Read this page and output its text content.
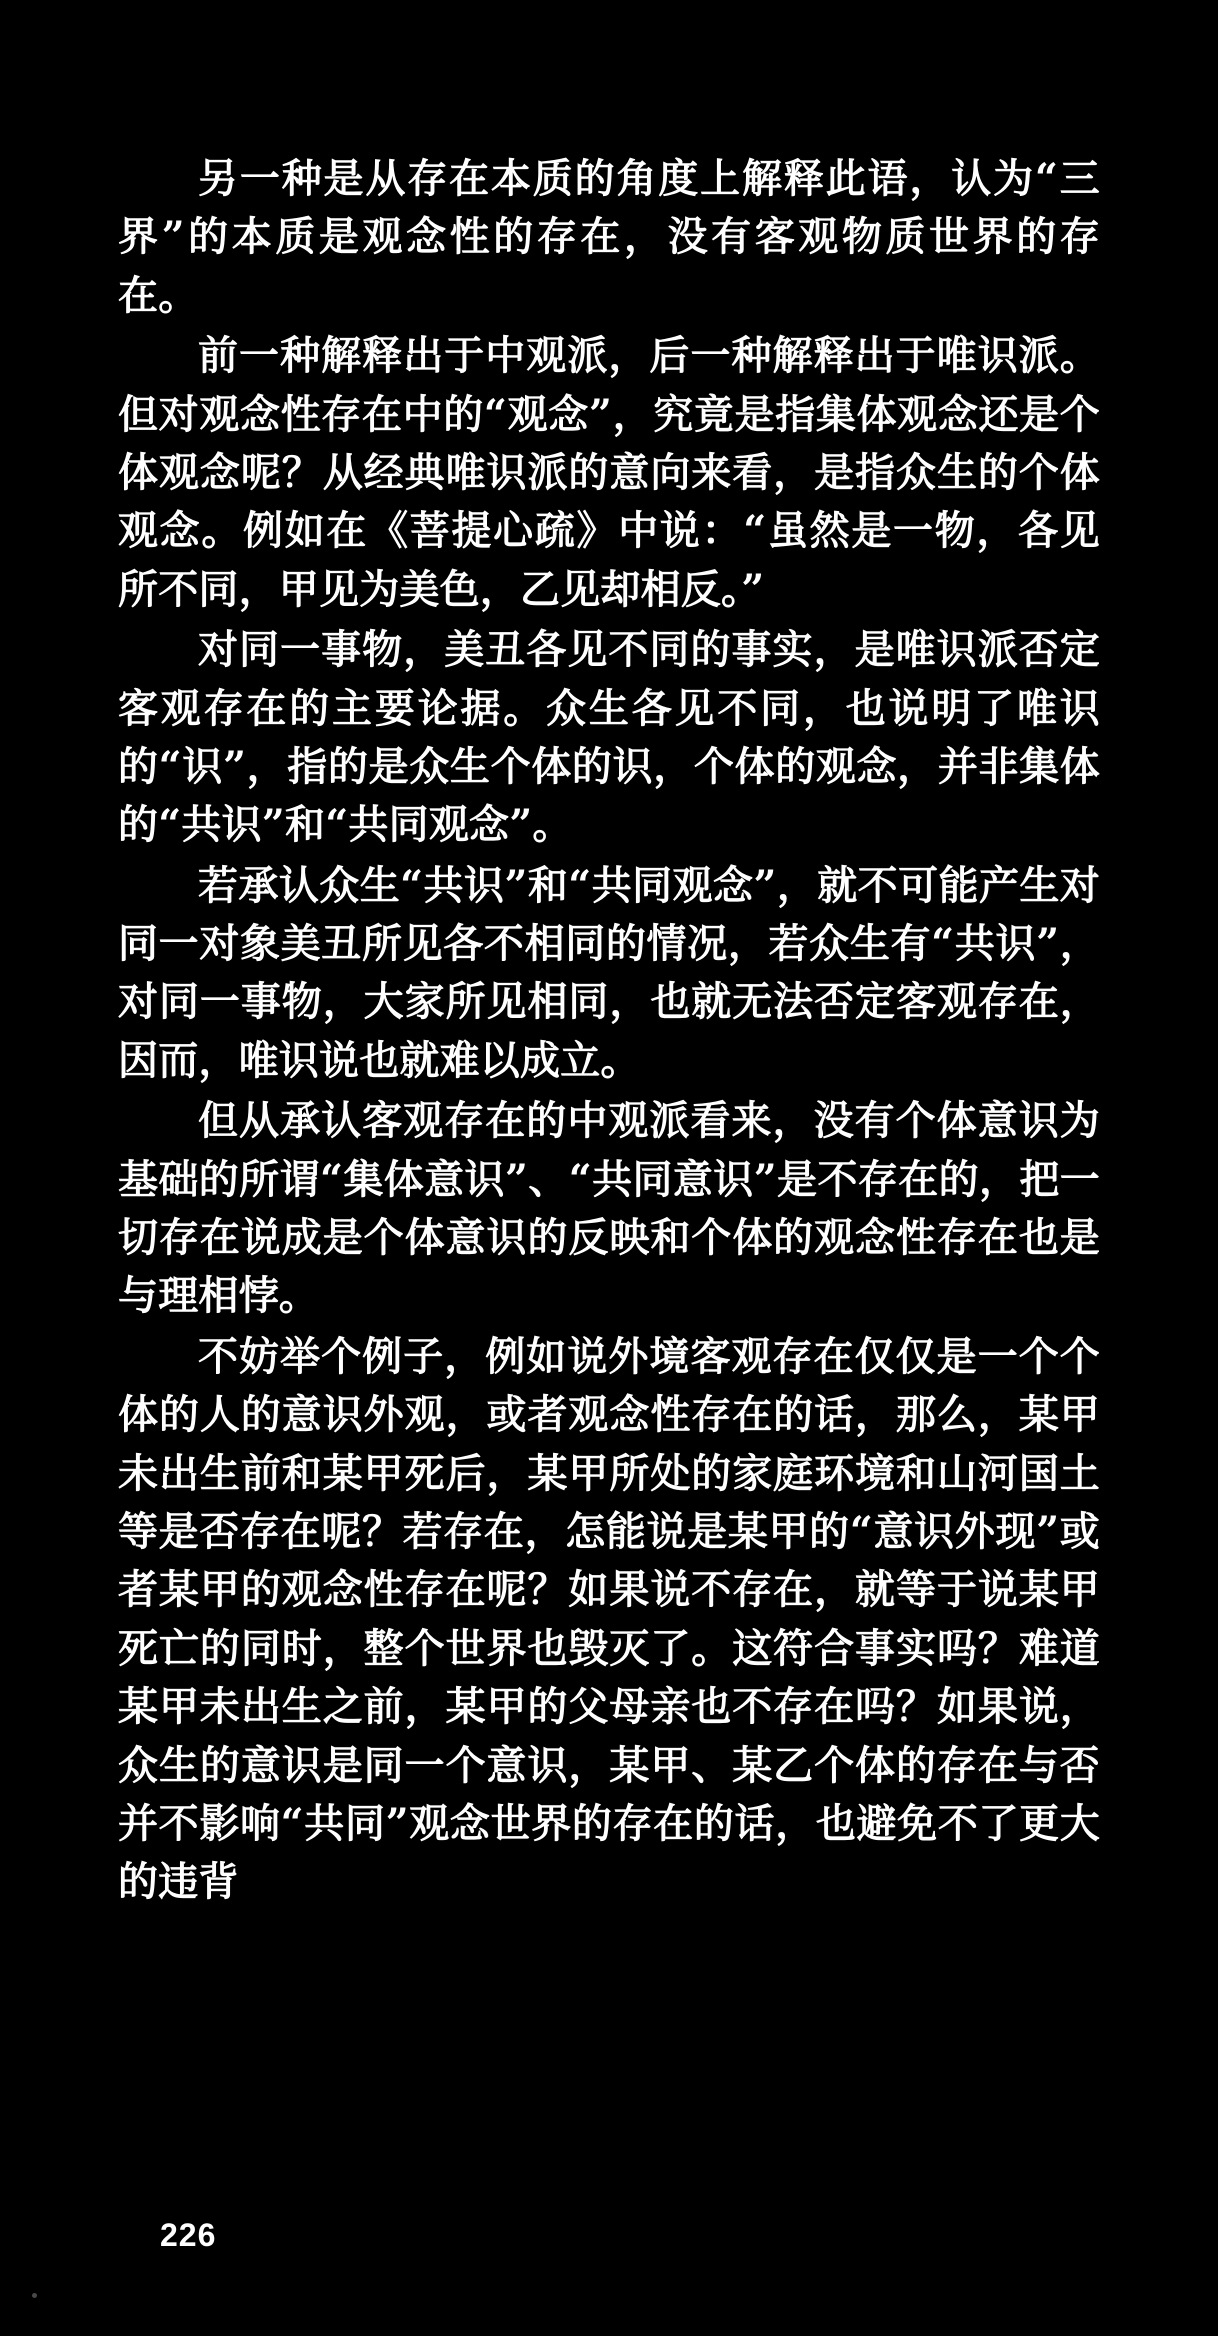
另一种是从存在本质的角度上解释此语，认为“三界”的本质是观念性的存在，没有客观物质世界的存在。

前一种解释出于中观派，后一种解释出于唯识派。但对观念性存在中的“观念”，究竟是指集体观念还是个体观念呢？从经典唯识派的意向来看，是指众生的个体观念。例如在《菩提心疏》中说：“虽然是一物，各见所不同，甲见为美色，乙见却相反。”

对同一事物，美丑各见不同的事实，是唯识派否定客观存在的主要论据。众生各见不同，也说明了唯识的“识”，指的是众生个体的识，个体的观念，并非集体的“共识”和“共同观念”。

若承认众生“共识”和“共同观念”，就不可能产生对同一对象美丑所见各不相同的情况，若众生有“共识”，对同一事物，大家所见相同，也就无法否定客观存在，因而，唯识说也就难以成立。

但从承认客观存在的中观派看来，没有个体意识为基础的所谓“集体意识”、“共同意识”是不存在的，把一切存在说成是个体意识的反映和个体的观念性存在也是与理相悖。

不妨举个例子，例如说外境客观存在仅仅是一个个体的人的意识外观，或者观念性存在的话，那么，某甲未出生前和某甲死后，某甲所处的家庭环境和山河国土等是否存在呢？若存在，怎能说是某甲的“意识外现”或者某甲的观念性存在呢？如果说不存在，就等于说某甲死亡的同时，整个世界也毁灭了。这符合事实吗？难道某甲未出生之前，某甲的父母亲也不存在吗？如果说，众生的意识是同一个意识，某甲、某乙个体的存在与否并不影响“共同”观念世界的存在的话，也避免不了更大的违背

226
